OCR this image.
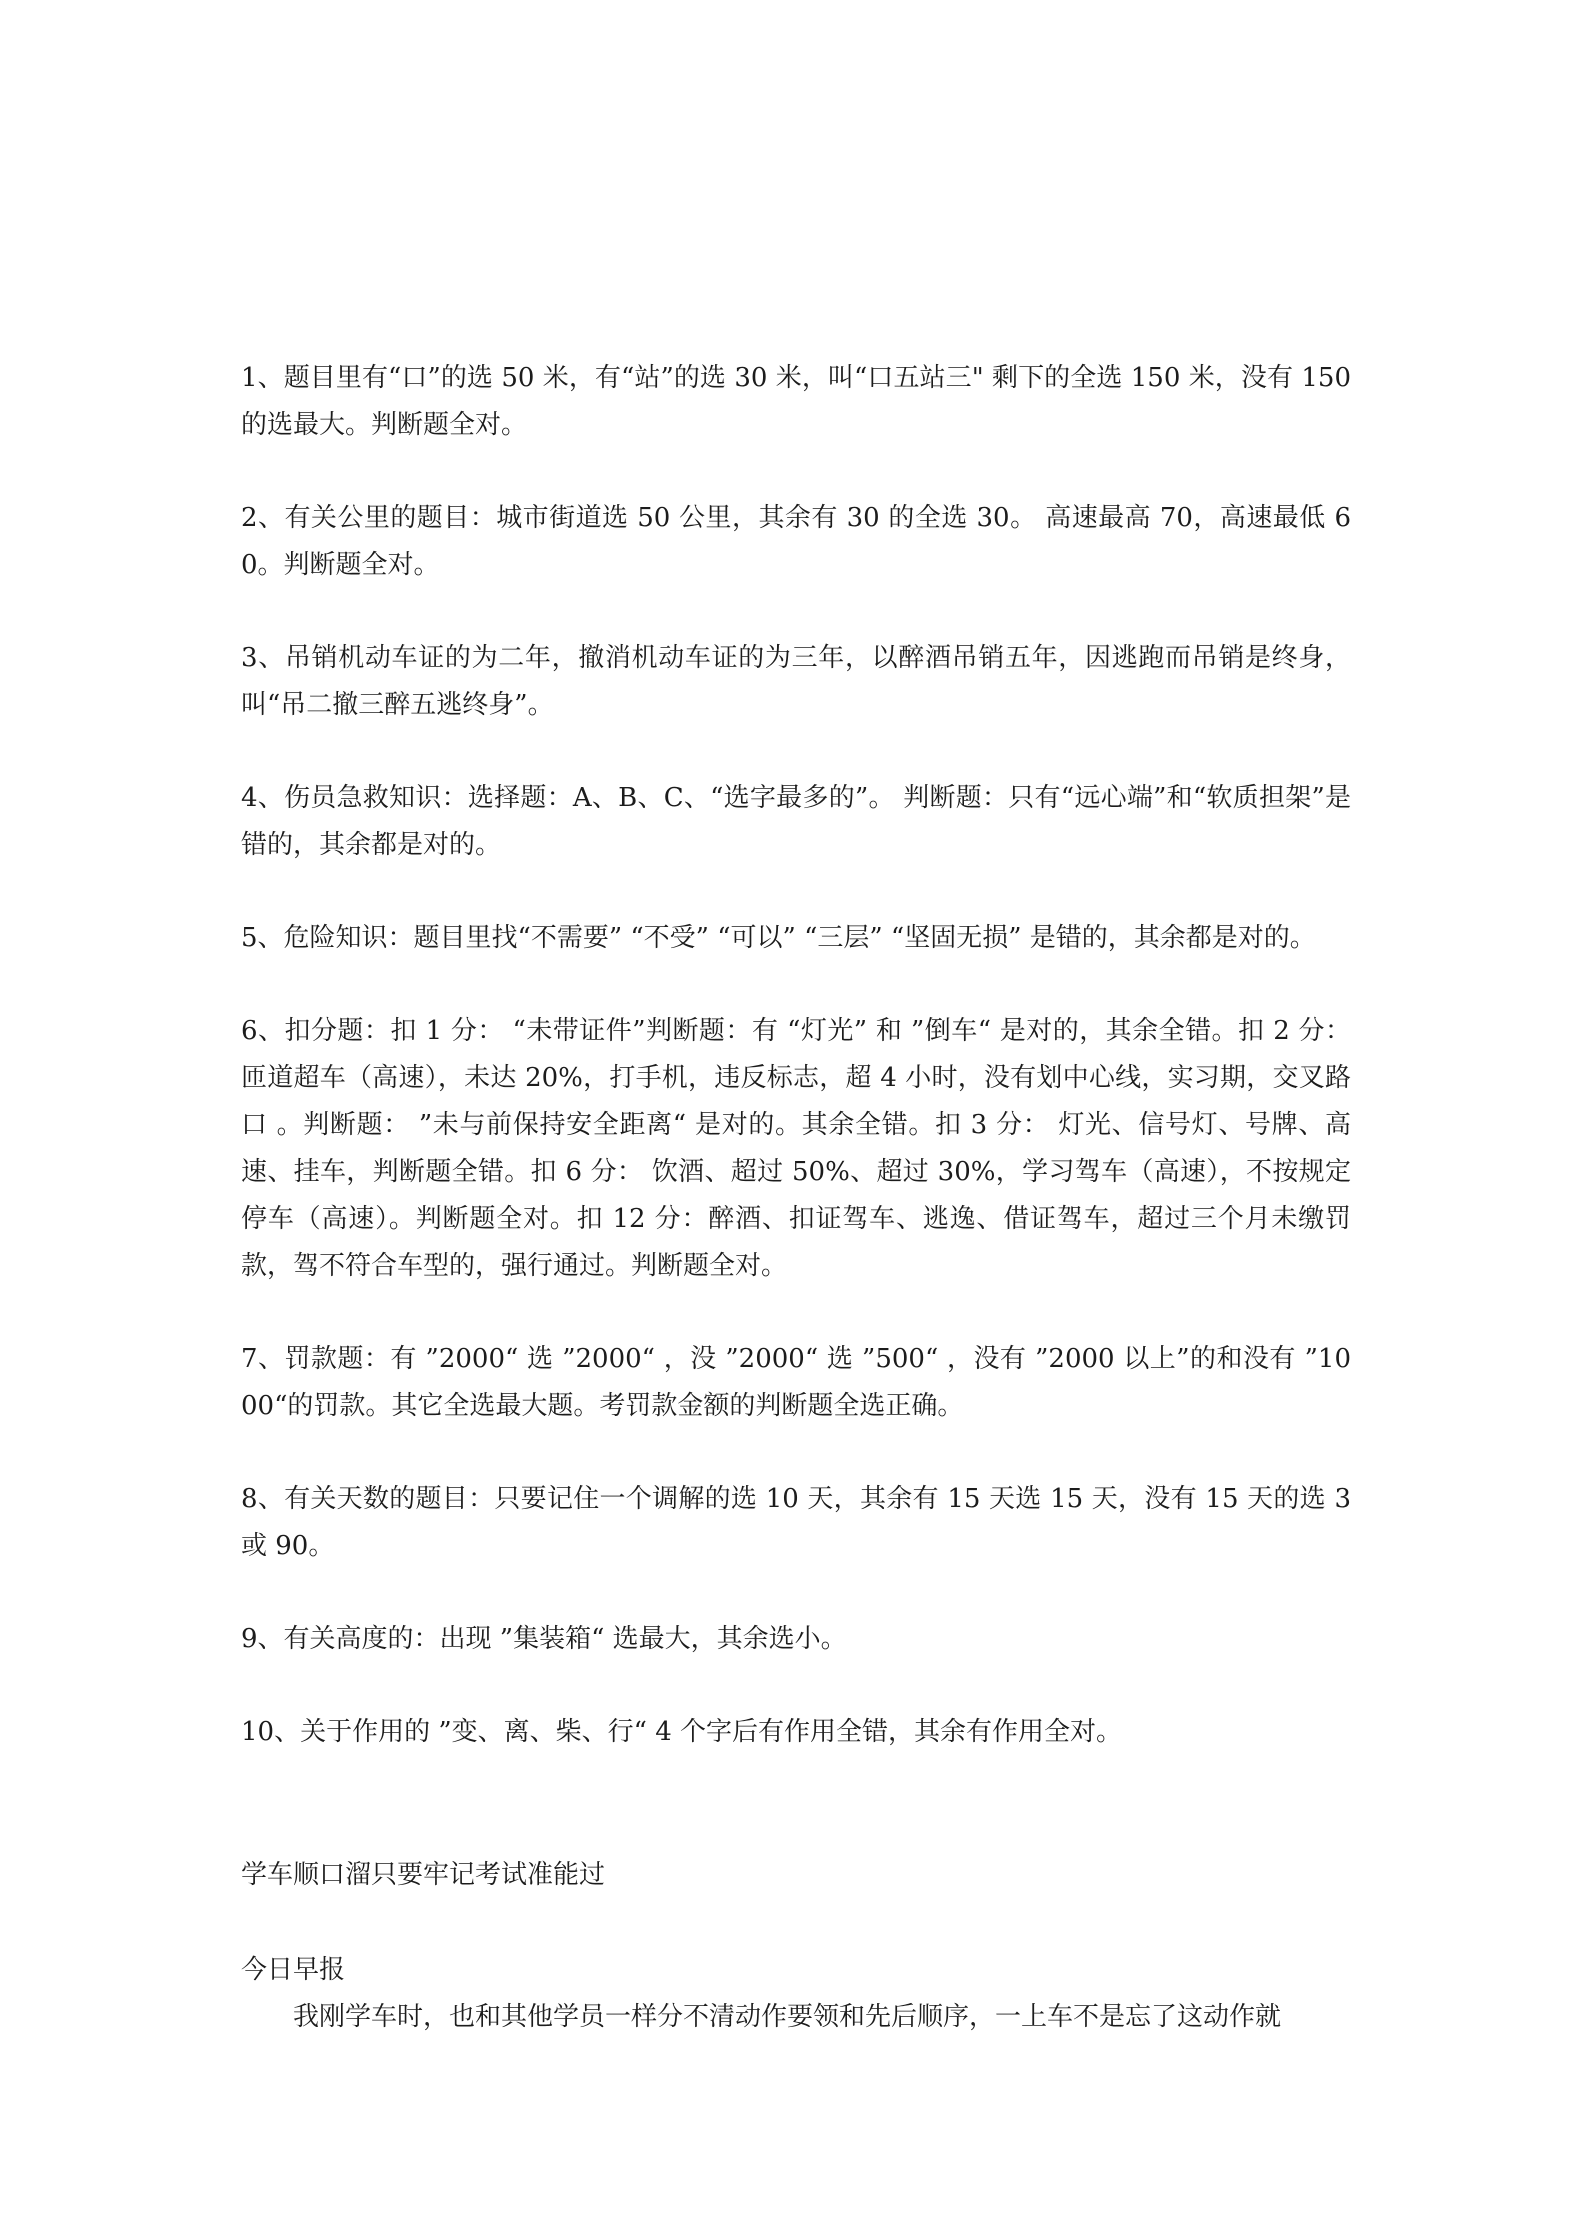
1、题目里有“口”的选 50 米，有“站”的选 30 米，叫“口五站三" 剩下的全选 150 米，没有 150 的选最大。判断题全对。

2、有关公里的题目：城市街道选 50 公里，其余有 30 的全选 30。 高速最高 70，高速最低 60。判断题全对。

3、吊销机动车证的为二年，撤消机动车证的为三年，以醉酒吊销五年，因逃跑而吊销是终身，叫“吊二撤三醉五逃终身”。

4、伤员急救知识：选择题：A、B、C、“选字最多的”。 判断题：只有“远心端”和“软质担架”是错的，其余都是对的。

5、危险知识：题目里找“不需要” “不受” “可以” “三层” “坚固无损” 是错的，其余都是对的。

6、扣分题：扣 1 分： “未带证件”判断题：有 “灯光” 和 ”倒车“ 是对的，其余全错。扣 2 分： 匝道超车（高速），未达 20%，打手机，违反标志，超 4 小时，没有划中心线，实习期，交叉路口 。判断题： ”未与前保持安全距离“ 是对的。其余全错。扣 3 分： 灯光、信号灯、号牌、高速、挂车，判断题全错。扣 6 分： 饮酒、超过 50%、超过 30%，学习驾车（高速），不按规定停车（高速）。判断题全对。扣 12 分：醉酒、扣证驾车、逃逸、借证驾车，超过三个月未缴罚款，驾不符合车型的，强行通过。判断题全对。

7、罚款题：有 ”2000“ 选 ”2000“ ，没 ”2000“ 选 ”500“ ，没有 ”2000 以上”的和没有 ”1000“的罚款。其它全选最大题。考罚款金额的判断题全选正确。

8、有关天数的题目：只要记住一个调解的选 10 天，其余有 15 天选 15 天，没有 15 天的选 3 或 90。

9、有关高度的：出现 ”集装箱“ 选最大，其余选小。

10、关于作用的 ”变、离、柴、行“ 4 个字后有作用全错，其余有作用全对。

学车顺口溜只要牢记考试准能过

今日早报

我刚学车时，也和其他学员一样分不清动作要领和先后顺序，一上车不是忘了这动作就
